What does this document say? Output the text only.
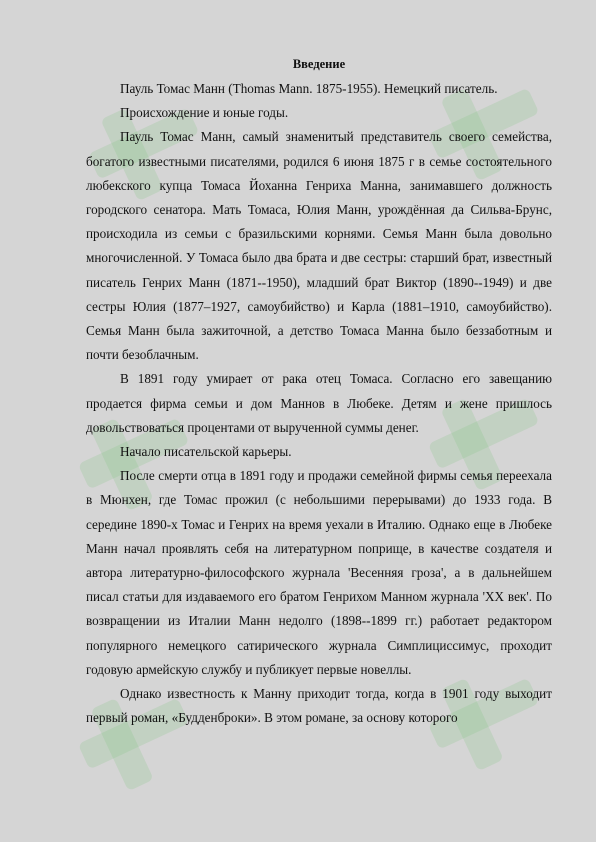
Введение

Пауль Томас Манн (Thomas Mann. 1875-1955). Немецкий писатель.

Происхождение и юные годы.

Пауль Томас Манн, самый знаменитый представитель своего семейства, богатого известными писателями, родился 6 июня 1875 г в семье состоятельного любекского купца Томаса Йоханна Генриха Манна, занимавшего должность городского сенатора. Мать Томаса, Юлия Манн, урождённая да Сильва-Брунс, происходила из семьи с бразильскими корнями. Семья Манн была довольно многочисленной. У Томаса было два брата и две сестры: старший брат, известный писатель Генрих Манн (1871--1950), младший брат Виктор (1890--1949) и две сестры Юлия (1877–1927, самоубийство) и Карла (1881–1910, самоубийство). Семья Манн была зажиточной, а детство Томаса Манна было беззаботным и почти безоблачным.

В 1891 году умирает от рака отец Томаса. Согласно его завещанию продается фирма семьи и дом Маннов в Любеке. Детям и жене пришлось довольствоваться процентами от вырученной суммы денег.

Начало писательской карьеры.

После смерти отца в 1891 году и продажи семейной фирмы семья переехала в Мюнхен, где Томас прожил (с небольшими перерывами) до 1933 года. В середине 1890-х Томас и Генрих на время уехали в Италию. Однако еще в Любеке Манн начал проявлять себя на литературном поприще, в качестве создателя и автора литературно-философского журнала 'Весенняя гроза', а в дальнейшем писал статьи для издаваемого его братом Генрихом Манном журнала 'XX век'. По возвращении из Италии Манн недолго (1898--1899 гг.) работает редактором популярного немецкого сатирического журнала Симплициссимус, проходит годовую армейскую службу и публикует первые новеллы.

Однако известность к Манну приходит тогда, когда в 1901 году выходит первый роман, «Будденброки». В этом романе, за основу которого
